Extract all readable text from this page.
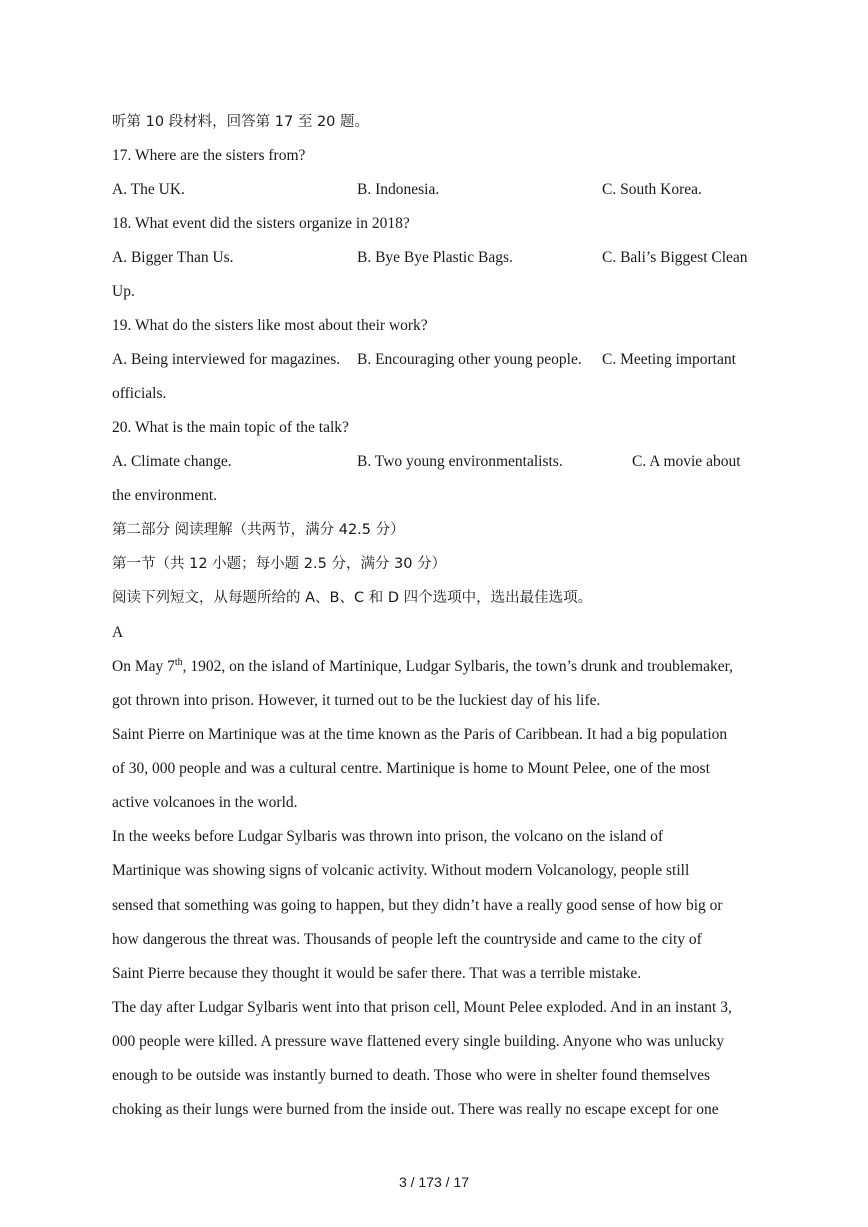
听第 10 段材料，回答第 17 至 20 题。
17. Where are the sisters from?
A. The UK.	B. Indonesia.	C. South Korea.
18. What event did the sisters organize in 2018?
A. Bigger Than Us.	B. Bye Bye Plastic Bags.	C. Bali’s Biggest Clean
Up.
19. What do the sisters like most about their work?
A. Being interviewed for magazines. B. Encouraging other young people. C. Meeting important
officials.
20. What is the main topic of the talk?
A. Climate change.	B. Two young environmentalists.	C. A movie about
the environment.
第二部分 阅读理解（共两节，满分 42.5 分）
第一节（共 12 小题；每小题 2.5 分，满分 30 分）
阅读下列短文，从每题所给的 A、B、C 和 D 四个选项中，选出最佳选项。
A
On May 7th, 1902, on the island of Martinique, Ludgar Sylbaris, the town’s drunk and troublemaker,
got thrown into prison. However, it turned out to be the luckiest day of his life.
Saint Pierre on Martinique was at the time known as the Paris of Caribbean. It had a big population
of 30, 000 people and was a cultural centre. Martinique is home to Mount Pelee, one of the most
active volcanoes in the world.
In the weeks before Ludgar Sylbaris was thrown into prison, the volcano on the island of
Martinique was showing signs of volcanic activity. Without modern Volcanology, people still
sensed that something was going to happen, but they didn’t have a really good sense of how big or
how dangerous the threat was. Thousands of people left the countryside and came to the city of
Saint Pierre because they thought it would be safer there. That was a terrible mistake.
The day after Ludgar Sylbaris went into that prison cell, Mount Pelee exploded. And in an instant 3,
000 people were killed. A pressure wave flattened every single building. Anyone who was unlucky
enough to be outside was instantly burned to death. Those who were in shelter found themselves
choking as their lungs were burned from the inside out. There was really no escape except for one
3 / 173 / 17
